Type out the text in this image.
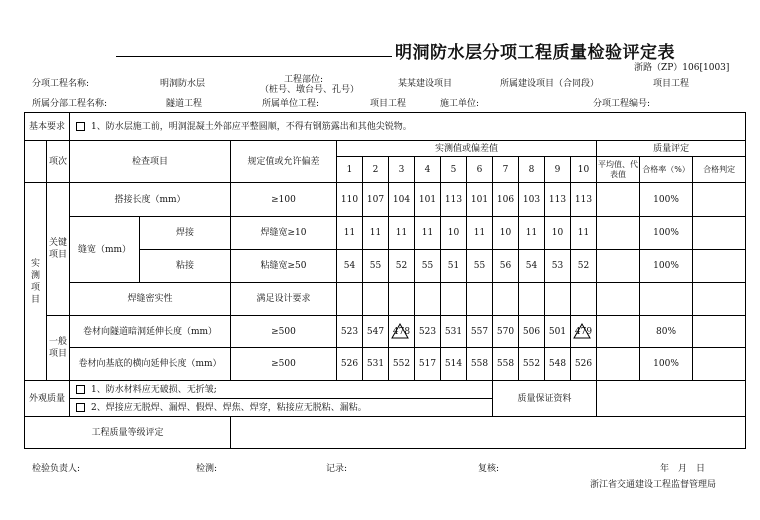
明洞防水层分项工程质量检验评定表
浙路（ZP）106[1003]
分项工程名称:	明洞防水层	工程部位:
（桩号、墩台号、孔号）
某某建设项目	所属建设项目（合同段）	项目工程
所属分部工程名称:	隧道工程	所属单位工程:	项目工程	施工单位:	分项工程编号:
基本要求		1、防水层施工前，明洞混凝土外部应平整圆顺，不得有钢筋露出和其他尖锐物。															
	项次	检查项目		规定值或允许偏差	实测值或偏差值										质量评定		
					1	2	3	4	5	6	7	8	9	10	平均值、代表值	合格率（%）	合格判定
实测项目	关键项目	搭接长度（mm）		≥100	110	107	104	101	113	101	106	103	113	113		100%	
		缝宽（mm）	焊接	焊缝宽≥10	11	11	11	11	10	11	10	11	10	11		100%	
			粘接	粘缝宽≥50	54	55	52	55	51	55	56	54	53	52		100%	
		焊缝密实性		满足设计要求													
	一般项目	卷材向隧道暗洞延伸长度（mm）		≥500	523	547	478	523	531	557	570	506	501	479		80%	
		卷材向基底的横向延伸长度（mm）		≥500	526	531	552	517	514	558	558	552	548	526		100%	
外观质量		1、防水材料应无破损、无折皱;									质量保证资料						
		2、焊接应无脱焊、漏焊、假焊、焊焦、焊穿，粘接应无脱粘、漏粘。															
工程质量等级评定																	
检验负责人:	检测:	记录:	复核:	年　月　日
浙江省交通建设工程监督管理局
